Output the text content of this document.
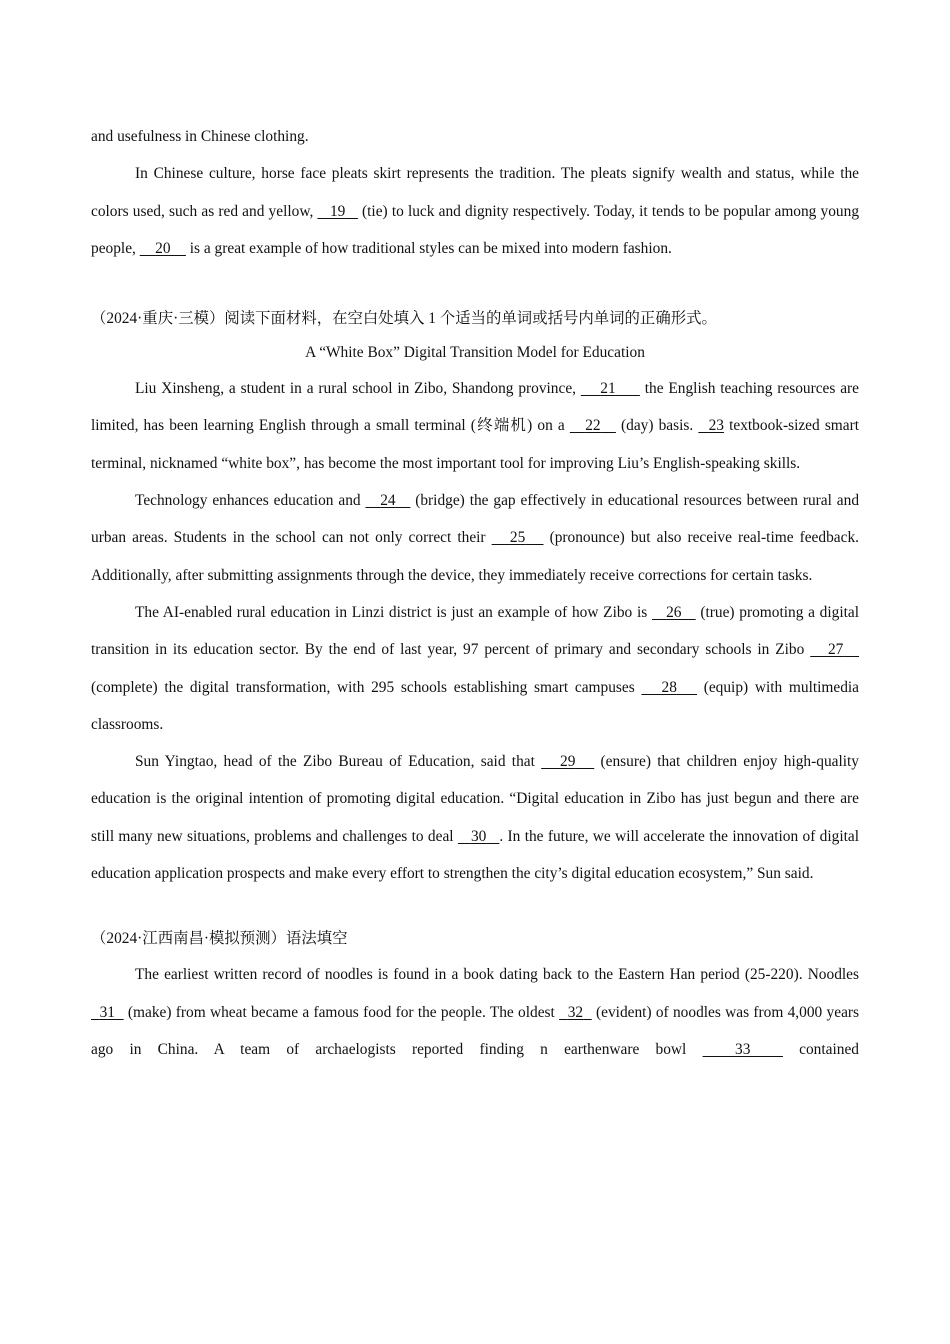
and usefulness in Chinese clothing.

In Chinese culture, horse face pleats skirt represents the tradition. The pleats signify wealth and status, while the colors used, such as red and yellow,    19    (tie) to luck and dignity respectively. Today, it tends to be popular among young people,     20     is a great example of how traditional styles can be mixed into modern fashion.

（2024·重庆·三模）阅读下面材料，在空白处填入 1 个适当的单词或括号内单词的正确形式。

A “White Box” Digital Transition Model for Education

Liu Xinsheng, a student in a rural school in Zibo, Shandong province,     21      the English teaching resources are limited, has been learning English through a small terminal (终端机) on a    22    (day) basis.   23 textbook-sized smart terminal, nicknamed “white box”, has become the most important tool for improving Liu’s English-speaking skills.

Technology enhances education and    24    (bridge) the gap effectively in educational resources between rural and urban areas. Students in the school can not only correct their    25    (pronounce) but also receive real-time feedback. Additionally, after submitting assignments through the device, they immediately receive corrections for certain tasks.

The AI-enabled rural education in Linzi district is just an example of how Zibo is    26    (true) promoting a digital transition in its education sector. By the end of last year, 97 percent of primary and secondary schools in Zibo    27    (complete) the digital transformation, with 295 schools establishing smart campuses    28    (equip) with multimedia classrooms.

Sun Yingtao, head of the Zibo Bureau of Education, said that    29    (ensure) that children enjoy high-quality education is the original intention of promoting digital education. “Digital education in Zibo has just begun and there are still many new situations, problems and challenges to deal    30 . In the future, we will accelerate the innovation of digital education application prospects and make every effort to strengthen the city’s digital education ecosystem,” Sun said.

（2024·江西南昌·模拟预测）语法填空

The earliest written record of noodles is found in a book dating back to the Eastern Han period (25-220). Noodles   31   (make) from wheat became a famous food for the people. The oldest   32   (evident) of noodles was from 4,000 years ago in China. A team of archaelogists reported finding n earthenware bowl   33   contained
